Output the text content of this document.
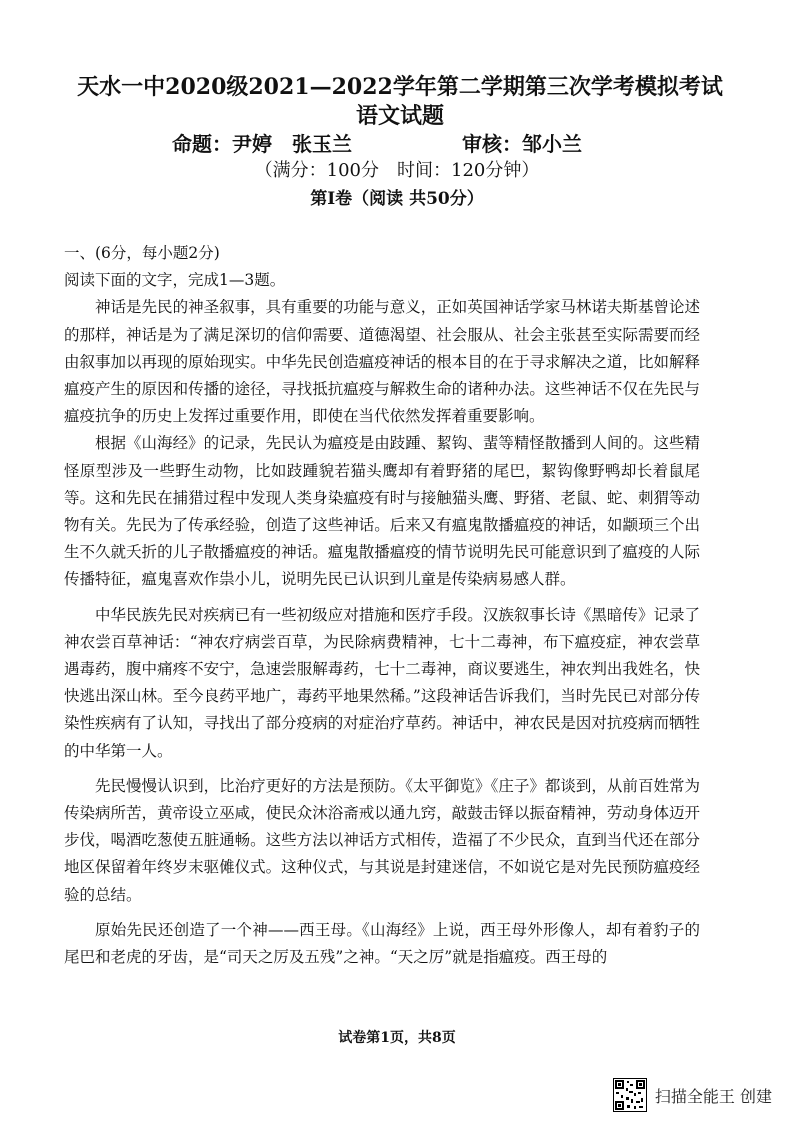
天水一中2020级2021—2022学年第二学期第三次学考模拟考试
语文试题
命题：尹婷　张玉兰	审核：邹小兰
（满分：100分　时间：120分钟）
第Ⅰ卷（阅读 共50分）

一、(6分，每小题2分)

阅读下面的文字，完成1—3题。

神话是先民的神圣叙事，具有重要的功能与意义，正如英国神话学家马林诺夫斯基曾论述的那样，神话是为了满足深切的信仰需要、道德渴望、社会服从、社会主张甚至实际需要而经由叙事加以再现的原始现实。中华先民创造瘟疫神话的根本目的在于寻求解决之道，比如解释瘟疫产生的原因和传播的途径，寻找抵抗瘟疫与解救生命的诸种办法。这些神话不仅在先民与瘟疫抗争的历史上发挥过重要作用，即使在当代依然发挥着重要影响。

根据《山海经》的记录，先民认为瘟疫是由跂踵、絜钩、蜚等精怪散播到人间的。这些精怪原型涉及一些野生动物，比如跂踵貌若猫头鹰却有着野猪的尾巴，絜钩像野鸭却长着鼠尾等。这和先民在捕猎过程中发现人类身染瘟疫有时与接触猫头鹰、野猪、老鼠、蛇、刺猬等动物有关。先民为了传承经验，创造了这些神话。后来又有瘟鬼散播瘟疫的神话，如颛顼三个出生不久就夭折的儿子散播瘟疫的神话。瘟鬼散播瘟疫的情节说明先民可能意识到了瘟疫的人际传播特征，瘟鬼喜欢作祟小儿，说明先民已认识到儿童是传染病易感人群。

中华民族先民对疾病已有一些初级应对措施和医疗手段。汉族叙事长诗《黑暗传》记录了神农尝百草神话：“神农疗病尝百草，为民除病费精神，七十二毒神，布下瘟疫症，神农尝草遇毒药，腹中痛疼不安宁，急速尝服解毒药，七十二毒神，商议要逃生，神农判出我姓名，快快逃出深山林。至今良药平地广，毒药平地果然稀。”这段神话告诉我们，当时先民已对部分传染性疾病有了认知，寻找出了部分疫病的对症治疗草药。神话中，神农民是因对抗疫病而牺牲的中华第一人。

先民慢慢认识到，比治疗更好的方法是预防。《太平御览》《庄子》都谈到，从前百姓常为传染病所苦，黄帝设立巫咸，使民众沐浴斋戒以通九窍，敲鼓击铎以振奋精神，劳动身体迈开步伐，喝酒吃葱使五脏通畅。这些方法以神话方式相传，造福了不少民众，直到当代还在部分地区保留着年终岁末驱傩仪式。这种仪式，与其说是封建迷信，不如说它是对先民预防瘟疫经验的总结。

原始先民还创造了一个神——西王母。《山海经》上说，西王母外形像人，却有着豹子的尾巴和老虎的牙齿，是“司天之厉及五残”之神。“天之厉”就是指瘟疫。西王母的

试卷第1页，共8页
扫描全能王 创建
